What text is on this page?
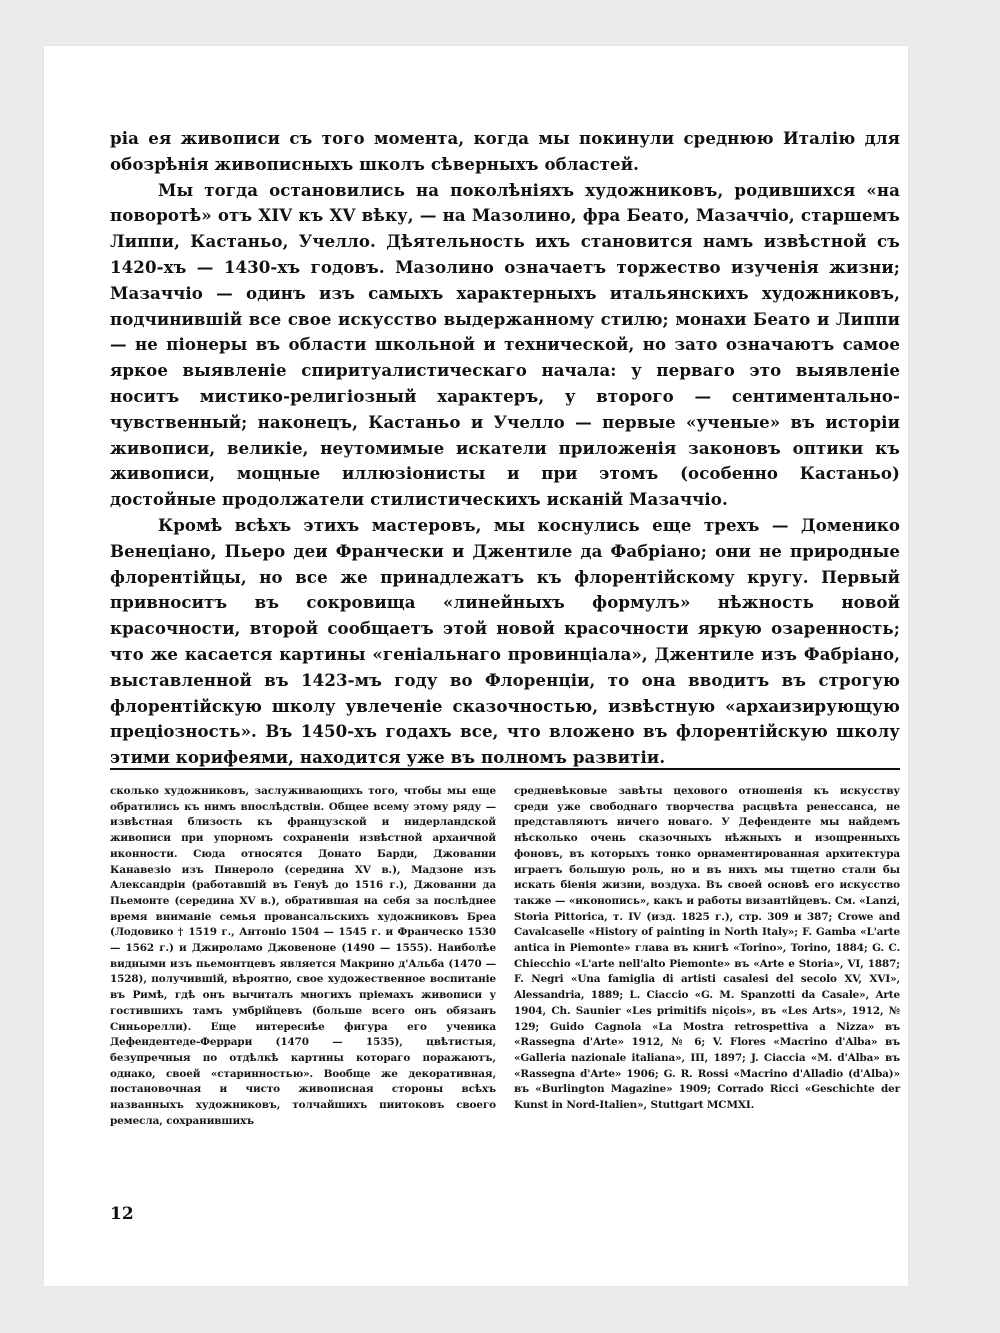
pia ея живописи съ того момента, когда мы покинули среднюю Италію для обозрѣнія живописныхъ школъ сѣверныхъ областей.

Мы тогда остановились на поколѣніяхъ художниковъ, родившихся «на поворотѣ» отъ XIV къ XV вѣку, — на Мазолино, фра Беато, Мазаччіо, старшемъ Липпи, Кастаньо, Учелло. Дѣятельность ихъ становится намъ извѣстной съ 1420-хъ — 1430-хъ годовъ. Мазолино означаетъ торжество изученія жизни; Мазаччіо — одинъ изъ самыхъ характерныхъ итальянскихъ художниковъ, подчинившій все свое искусство выдержанному стилю; монахи Беато и Липпи — не піонеры въ области школьной и технической, но зато означаютъ самое яркое выявленіе спиритуалистическаго начала: у перваго это выявленіе носитъ мистико-религіозный характеръ, у второго — сентиментально-чувственный; наконецъ, Кастаньо и Учелло — первые «ученые» въ исторіи живописи, великіе, неутомимые искатели приложенія законовъ оптики къ живописи, мощные иллюзіонисты и при этомъ (особенно Кастаньо) достойные продолжатели стилистическихъ исканій Мазаччіо.

Кромѣ всѣхъ этихъ мастеровъ, мы коснулись еще трехъ — Доменико Венеціано, Пьеро деи Франчески и Джентиле да Фабріано; они не природные флорентійцы, но все же принадлежатъ къ флорентійскому кругу. Первый привноситъ въ сокровища «линейныхъ формулъ» нѣжность новой красочности, второй сообщаетъ этой новой красочности яркую озаренность; что же касается картины «геніальнаго провинціала», Джентиле изъ Фабріано, выставленной въ 1423-мъ году во Флоренціи, то она вводитъ въ строгую флорентійскую школу увлеченіе сказочностью, извѣстную «архаизирующую прeціозность». Въ 1450-хъ годахъ все, что вложено въ флорентійскую школу этими корифеями, находится уже въ полномъ развитіи.

сколько художниковъ, заслуживающихъ того, чтобы мы еще обратились къ нимъ впослѣдствіи. Общее всему этому ряду — извѣстная близость къ французской и нидерландской живописи при упорномъ сохраненіи извѣстной архаичной иконности. Сюда относятся Донато Барди, Джованни Канавезіо изъ Пинероло (середина XV в.), Мадзоне изъ Александріи (работавшій въ Генуѣ до 1516 г.), Джованни да Пьемонте (середина XV в.), обратившая на себя за послѣднее время вниманіе семья провансальскихъ художниковъ Бреа (Лодовико † 1519 г., Антоніо 1504 — 1545 г. и Франческо 1530 — 1562 г.) и Джироламо Джовеноне (1490 — 1555). Наиболѣе видными изъ пьемонтцевъ является Макрино д'Альба (1470 — 1528), получившій, вѣроятно, свое художественное воспитаніе въ Римѣ, гдѣ онъ вычиталъ многихъ пріемахъ живописи у гостившихъ тамъ умбрійцевъ (больше всего онъ обязанъ Синьорелли). Еще интереснѣе фигура его ученика Дефендентеде-Феррари (1470 — 1535), цвѣтистыя, безупречныя по отдѣлкѣ картины котораго поражаютъ, однако, своей «старинностью». Вообще же декоративная, постановочная и чисто живописная стороны всѣхъ названныхъ художниковъ, толчайшихъ пиитоковъ своего ремесла, сохранившихъ

средневѣковые завѣты цехового отношенія къ искусству среди уже свободнаго творчества расцвѣта ренессанса, не представляютъ ничего новаго. У Дефенденте мы найдемъ нѣсколько очень сказочныхъ нѣжныхъ и изощренныхъ фоновъ, въ которыхъ тонко орнаментированная архитектура играетъ большую роль, но и въ нихъ мы тщетно стали бы искать біенія жизни, воздуха. Въ своей основѣ его искусство также — «иконопись», какъ и работы византійцевъ. См. «Lanzi, Storia Pittorica, т. IV (изд. 1825 г.), стр. 309 и 387; Crowe and Cavalcaselle «History of painting in North Italy»; F. Gamba «L'arte antica in Piemonte» глава въ книгѣ «Torino», Torino, 1884; G. C. Chiecchio «L'arte nell'alto Piemonte» въ «Arte e Storia», VI, 1887; F. Negri «Una famiglia di artisti casalesi del secolo XV, XVI», Alessandria, 1889; L. Ciaccio «G. M. Spanzotti da Casale», Arte 1904, Ch. Saunier «Les primitifs niçois», въ «Les Arts», 1912, № 129; Guido Cagnola «La Mostra retrospettiva a Nizza» въ «Rassegna d'Arte» 1912, № 6; V. Flores «Macrino d'Alba» въ «Galleria nazionale italiana», III, 1897; J. Ciaccia «M. d'Alba» въ «Rassegna d'Arte» 1906; G. R. Rossi «Macrino d'Alladio (d'Alba)» въ «Burlington Magazine» 1909; Corrado Ricci «Geschichte der Kunst in Nord-Italien», Stuttgart MCMXI.

12
